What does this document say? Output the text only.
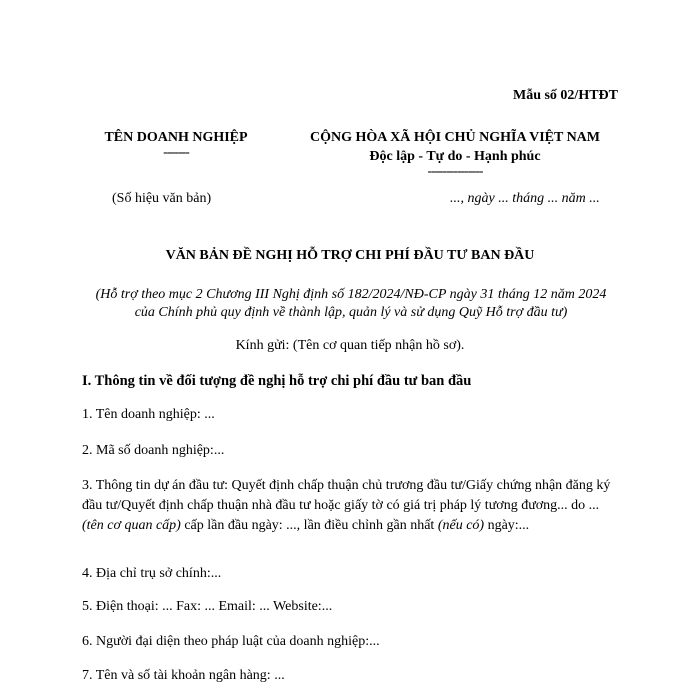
Mẫu số 02/HTĐT
TÊN DOANH NGHIỆP
-------
CỘNG HÒA XÃ HỘI CHỦ NGHĨA VIỆT NAM
Độc lập - Tự do - Hạnh phúc
---------------
(Số hiệu văn bản)	..., ngày ... tháng ... năm ...
VĂN BẢN ĐỀ NGHỊ HỖ TRỢ CHI PHÍ ĐẦU TƯ BAN ĐẦU
(Hỗ trợ theo mục 2 Chương III Nghị định số 182/2024/NĐ-CP ngày 31 tháng 12 năm 2024 của Chính phủ quy định về thành lập, quản lý và sử dụng Quỹ Hỗ trợ đầu tư)
Kính gửi: (Tên cơ quan tiếp nhận hồ sơ).
I. Thông tin về đối tượng đề nghị hỗ trợ chi phí đầu tư ban đầu
1. Tên doanh nghiệp: ...
2. Mã số doanh nghiệp:...
3. Thông tin dự án đầu tư: Quyết định chấp thuận chủ trương đầu tư/Giấy chứng nhận đăng ký đầu tư/Quyết định chấp thuận nhà đầu tư hoặc giấy tờ có giá trị pháp lý tương đương... do ... (tên cơ quan cấp) cấp lần đầu ngày: ..., lần điều chỉnh gần nhất (nếu có) ngày:...
4. Địa chỉ trụ sở chính:...
5. Điện thoại: ... Fax: ... Email: ... Website:...
6. Người đại diện theo pháp luật của doanh nghiệp:...
7. Tên và số tài khoản ngân hàng: ...
